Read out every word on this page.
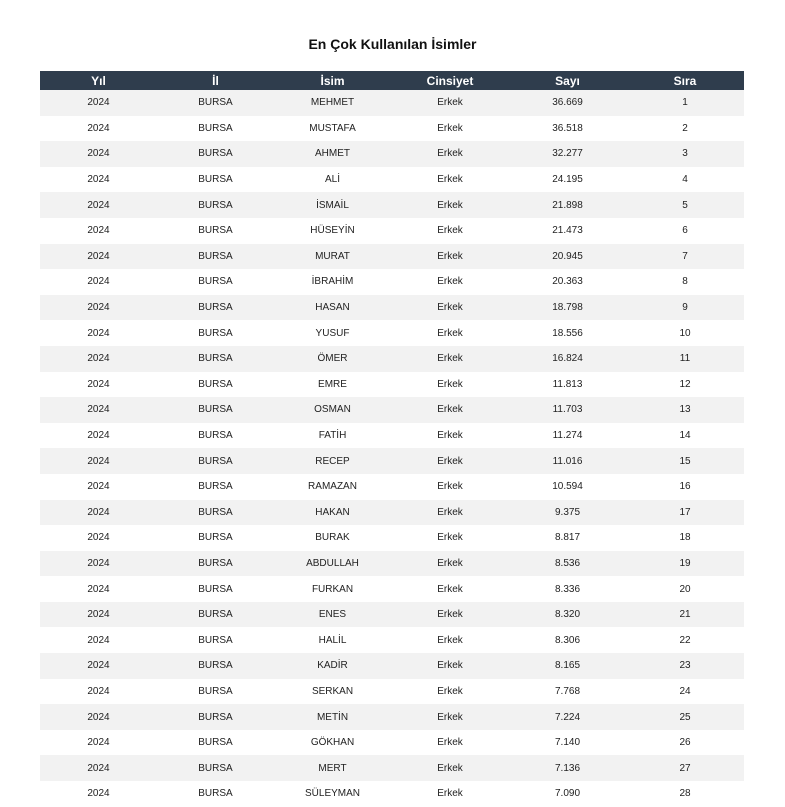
En Çok Kullanılan İsimler
Yıl	İl	İsim	Cinsiyet	Sayı	Sıra
2024	BURSA	MEHMET	Erkek	36.669	1
2024	BURSA	MUSTAFA	Erkek	36.518	2
2024	BURSA	AHMET	Erkek	32.277	3
2024	BURSA	ALİ	Erkek	24.195	4
2024	BURSA	İSMAİL	Erkek	21.898	5
2024	BURSA	HÜSEYİN	Erkek	21.473	6
2024	BURSA	MURAT	Erkek	20.945	7
2024	BURSA	İBRAHİM	Erkek	20.363	8
2024	BURSA	HASAN	Erkek	18.798	9
2024	BURSA	YUSUF	Erkek	18.556	10
2024	BURSA	ÖMER	Erkek	16.824	11
2024	BURSA	EMRE	Erkek	11.813	12
2024	BURSA	OSMAN	Erkek	11.703	13
2024	BURSA	FATİH	Erkek	11.274	14
2024	BURSA	RECEP	Erkek	11.016	15
2024	BURSA	RAMAZAN	Erkek	10.594	16
2024	BURSA	HAKAN	Erkek	9.375	17
2024	BURSA	BURAK	Erkek	8.817	18
2024	BURSA	ABDULLAH	Erkek	8.536	19
2024	BURSA	FURKAN	Erkek	8.336	20
2024	BURSA	ENES	Erkek	8.320	21
2024	BURSA	HALİL	Erkek	8.306	22
2024	BURSA	KADİR	Erkek	8.165	23
2024	BURSA	SERKAN	Erkek	7.768	24
2024	BURSA	METİN	Erkek	7.224	25
2024	BURSA	GÖKHAN	Erkek	7.140	26
2024	BURSA	MERT	Erkek	7.136	27
2024	BURSA	SÜLEYMAN	Erkek	7.090	28
